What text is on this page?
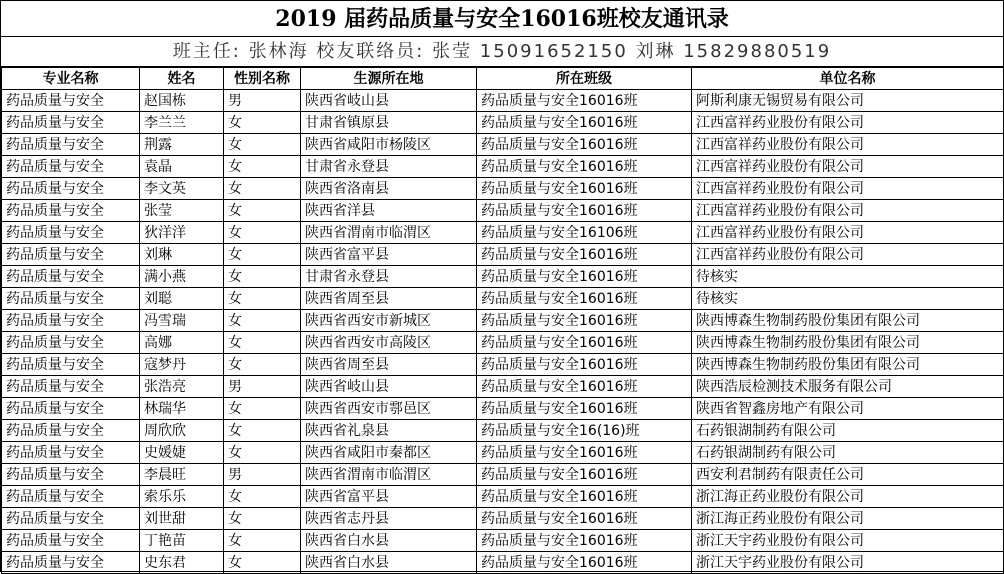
2019 届药品质量与安全16016班校友通讯录
班主任: 张林海 校友联络员: 张莹 15091652150 刘琳 15829880519
专业名称	姓名	性别名称	生源所在地	所在班级	单位名称
药品质量与安全	赵国栋	男	陕西省岐山县	药品质量与安全16016班	阿斯利康无锡贸易有限公司
药品质量与安全	李兰兰	女	甘肃省镇原县	药品质量与安全16016班	江西富祥药业股份有限公司
药品质量与安全	荆露	女	陕西省咸阳市杨陵区	药品质量与安全16016班	江西富祥药业股份有限公司
药品质量与安全	袁晶	女	甘肃省永登县	药品质量与安全16016班	江西富祥药业股份有限公司
药品质量与安全	李文英	女	陕西省洛南县	药品质量与安全16016班	江西富祥药业股份有限公司
药品质量与安全	张莹	女	陕西省洋县	药品质量与安全16016班	江西富祥药业股份有限公司
药品质量与安全	狄洋洋	女	陕西省渭南市临渭区	药品质量与安全16106班	江西富祥药业股份有限公司
药品质量与安全	刘琳	女	陕西省富平县	药品质量与安全16016班	江西富祥药业股份有限公司
药品质量与安全	满小燕	女	甘肃省永登县	药品质量与安全16016班	待核实
药品质量与安全	刘聪	女	陕西省周至县	药品质量与安全16016班	待核实
药品质量与安全	冯雪瑞	女	陕西省西安市新城区	药品质量与安全16016班	陕西博森生物制药股份集团有限公司
药品质量与安全	高娜	女	陕西省西安市高陵区	药品质量与安全16016班	陕西博森生物制药股份集团有限公司
药品质量与安全	寇梦丹	女	陕西省周至县	药品质量与安全16016班	陕西博森生物制药股份集团有限公司
药品质量与安全	张浩亮	男	陕西省岐山县	药品质量与安全16016班	陕西浩辰检测技术服务有限公司
药品质量与安全	林瑞华	女	陕西省西安市鄠邑区	药品质量与安全16016班	陕西省智鑫房地产有限公司
药品质量与安全	周欣欣	女	陕西省礼泉县	药品质量与安全16(16)班	石药银湖制药有限公司
药品质量与安全	史媛婕	女	陕西省咸阳市秦都区	药品质量与安全16016班	石药银湖制药有限公司
药品质量与安全	李晨旺	男	陕西省渭南市临渭区	药品质量与安全16016班	西安利君制药有限责任公司
药品质量与安全	索乐乐	女	陕西省富平县	药品质量与安全16016班	浙江海正药业股份有限公司
药品质量与安全	刘世甜	女	陕西省志丹县	药品质量与安全16016班	浙江海正药业股份有限公司
药品质量与安全	丁艳苗	女	陕西省白水县	药品质量与安全16016班	浙江天宇药业股份有限公司
药品质量与安全	史东君	女	陕西省白水县	药品质量与安全16016班	浙江天宇药业股份有限公司
